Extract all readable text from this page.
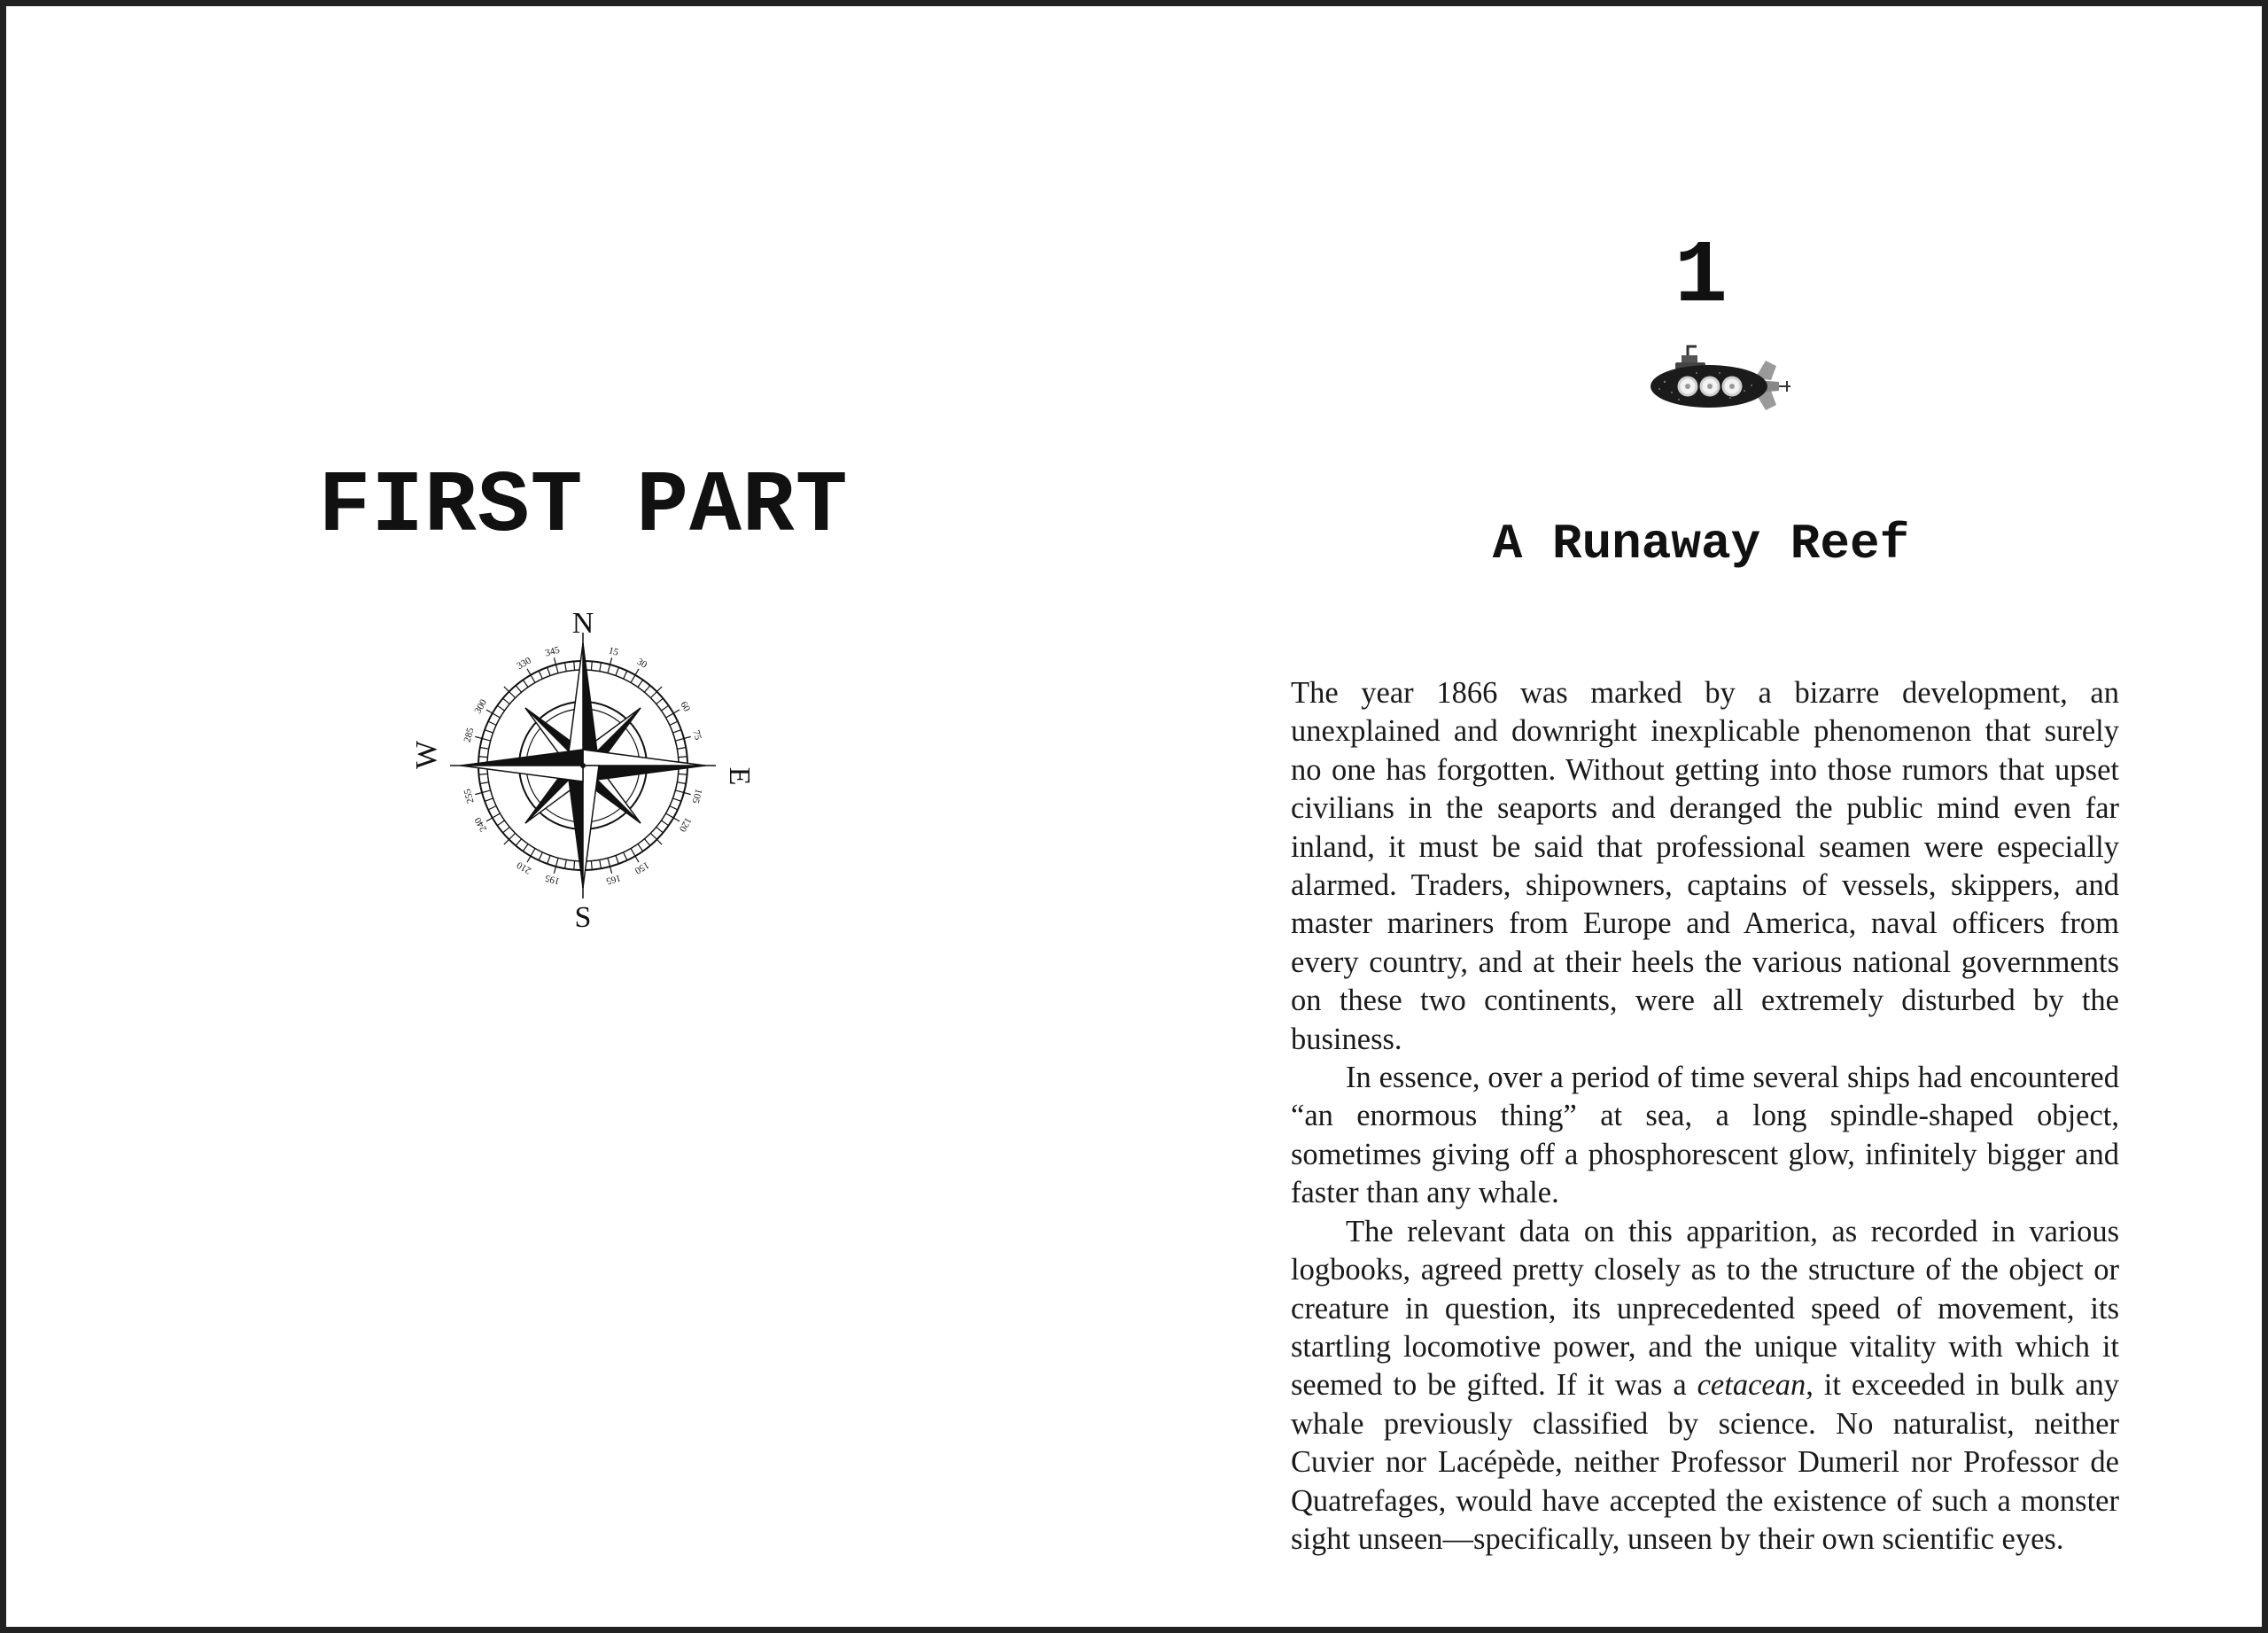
FIRST PART
15
30
60
75
105
120
150
165
195
210
240
255
285
300
330
345
N
S
E
W
1
A Runaway Reef

The year 1866 was marked by a bizarre development, an unexplained and downright inexplicable phenomenon that surely no one has forgotten. Without getting into those rumors that upset civilians in the seaports and deranged the public mind even far inland, it must be said that professional seamen were especially alarmed. Traders, shipowners, captains of vessels, skippers, and master mariners from Europe and America, naval officers from every country, and at their heels the various national governments on these two continents, were all extremely disturbed by the business.

In essence, over a period of time several ships had encountered “an enormous thing” at sea, a long spindle-shaped object, sometimes giving off a phosphorescent glow, infinitely bigger and faster than any whale.

The relevant data on this apparition, as recorded in various logbooks, agreed pretty closely as to the structure of the object or creature in question, its unprecedented speed of movement, its startling locomotive power, and the unique vitality with which it seemed to be gifted. If it was a cetacean, it exceeded in bulk any whale previously classified by science. No naturalist, neither Cuvier nor Lacépède, neither Professor Dumeril nor Professor de Quatrefages, would have accepted the existence of such a monster sight unseen—specifically, unseen by their own scientific eyes.
